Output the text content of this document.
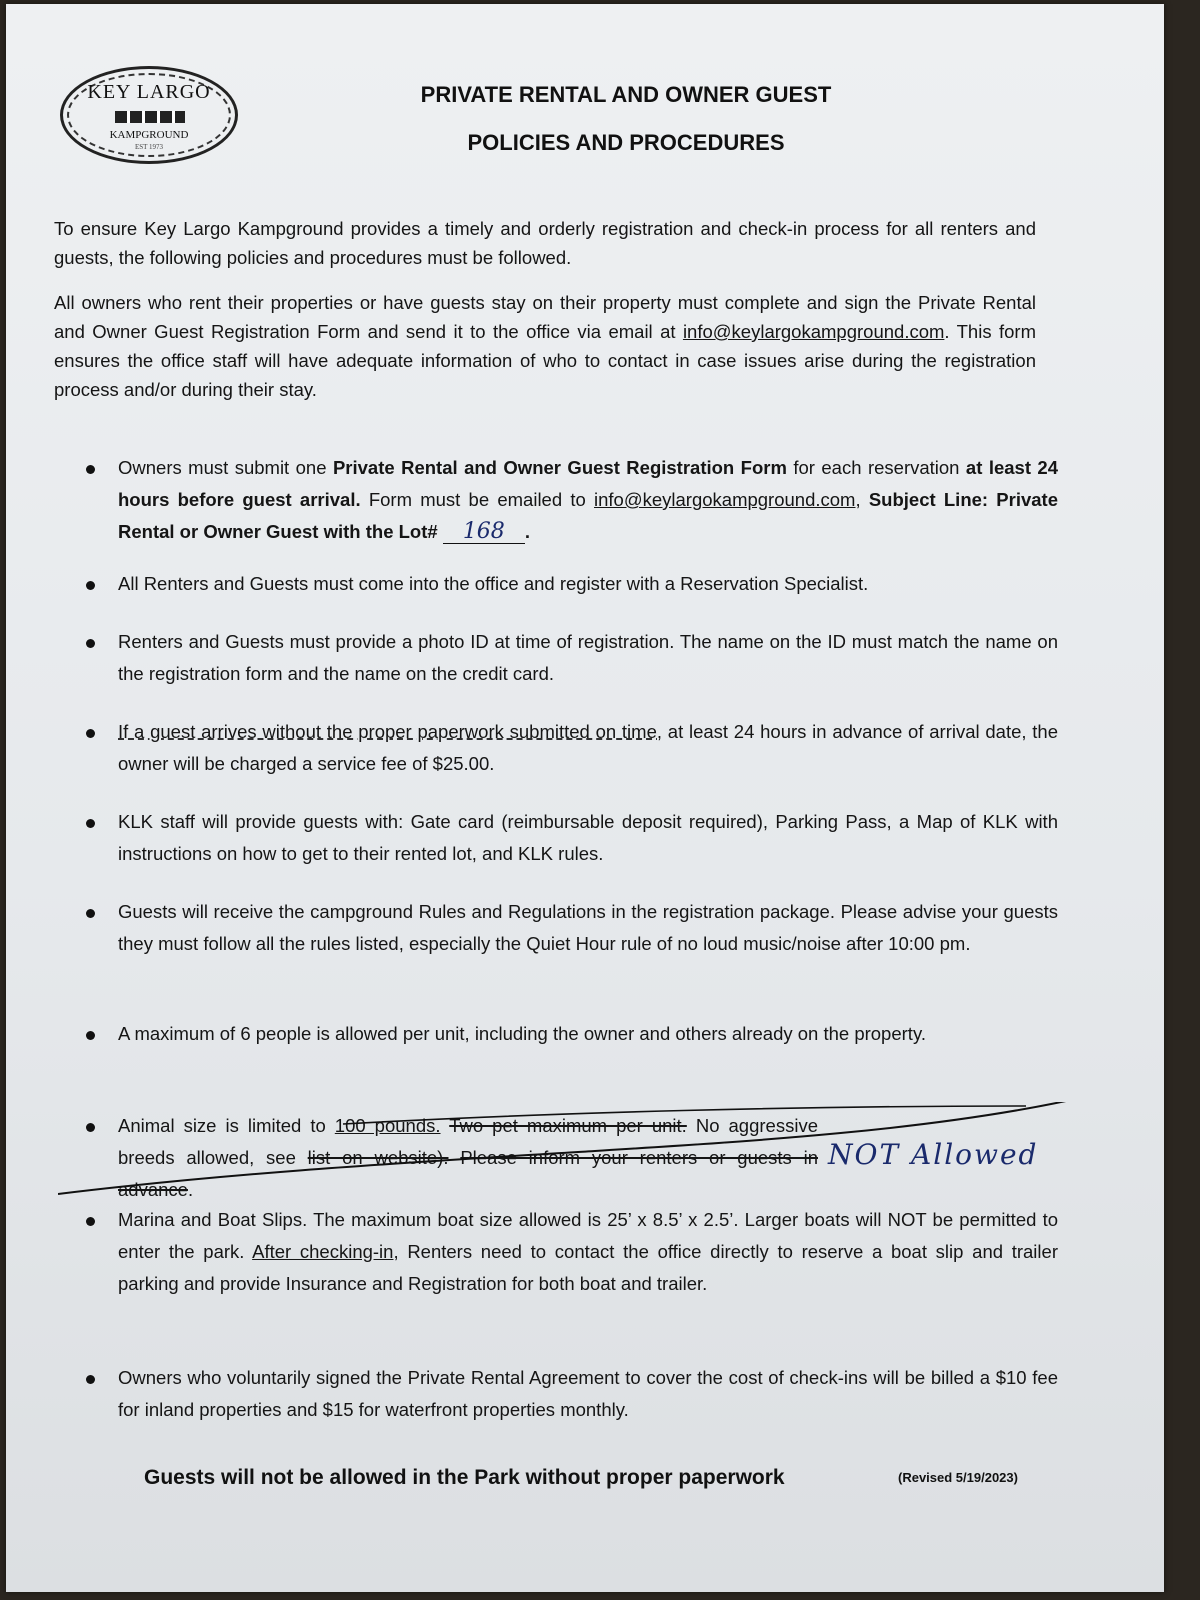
KEY LARGO
KAMPGROUND
EST 1973
PRIVATE RENTAL AND OWNER GUEST
POLICIES AND PROCEDURES
To ensure Key Largo Kampground provides a timely and orderly registration and check-in process for all renters and guests, the following policies and procedures must be followed.
All owners who rent their properties or have guests stay on their property must complete and sign the Private Rental and Owner Guest Registration Form and send it to the office via email at info@keylargokampground.com. This form ensures the office staff will have adequate information of who to contact in case issues arise during the registration process and/or during their stay.
Owners must submit one Private Rental and Owner Guest Registration Form for each reservation at least 24 hours before guest arrival. Form must be emailed to info@keylargokampground.com, Subject Line: Private Rental or Owner Guest with the Lot# 168 .
All Renters and Guests must come into the office and register with a Reservation Specialist.
Renters and Guests must provide a photo ID at time of registration. The name on the ID must match the name on the registration form and the name on the credit card.
If a guest arrives without the proper paperwork submitted on time, at least 24 hours in advance of arrival date, the owner will be charged a service fee of $25.00.
KLK staff will provide guests with: Gate card (reimbursable deposit required), Parking Pass, a Map of KLK with instructions on how to get to their rented lot, and KLK rules.
Guests will receive the campground Rules and Regulations in the registration package. Please advise your guests they must follow all the rules listed, especially the Quiet Hour rule of no loud music/noise after 10:00 pm.
A maximum of 6 people is allowed per unit, including the owner and others already on the property.
Animal size is limited to 100 pounds. Two pet maximum per unit. No aggressive breeds allowed, see list on website). Please inform your renters or guests in advance.
NOT Allowed
Marina and Boat Slips. The maximum boat size allowed is 25’ x 8.5’ x 2.5’. Larger boats will NOT be permitted to enter the park. After checking-in, Renters need to contact the office directly to reserve a boat slip and trailer parking and provide Insurance and Registration for both boat and trailer.
Owners who voluntarily signed the Private Rental Agreement to cover the cost of check-ins will be billed a $10 fee for inland properties and $15 for waterfront properties monthly.
Guests will not be allowed in the Park without proper paperwork	(Revised 5/19/2023)
